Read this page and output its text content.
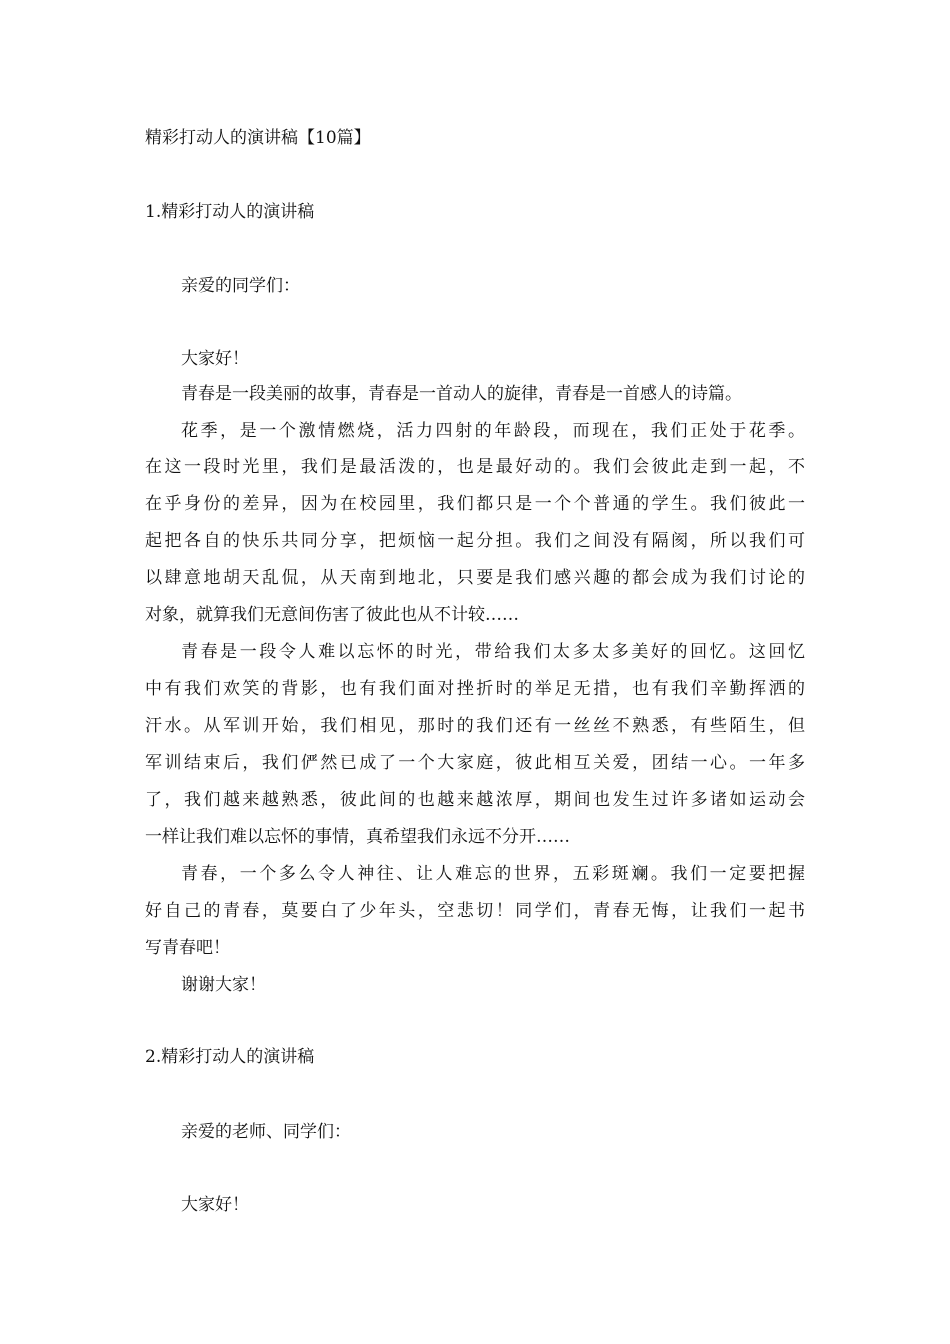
精彩打动人的演讲稿【10篇】
1.精彩打动人的演讲稿
亲爱的同学们：
大家好！
青春是一段美丽的故事，青春是一首动人的旋律，青春是一首感人的诗篇。
花季，是一个激情燃烧，活力四射的年龄段，而现在，我们正处于花季。
在这一段时光里，我们是最活泼的，也是最好动的。我们会彼此走到一起，不
在乎身份的差异，因为在校园里，我们都只是一个个普通的学生。我们彼此一
起把各自的快乐共同分享，把烦恼一起分担。我们之间没有隔阂，所以我们可
以肆意地胡天乱侃，从天南到地北，只要是我们感兴趣的都会成为我们讨论的
对象，就算我们无意间伤害了彼此也从不计较……
青春是一段令人难以忘怀的时光，带给我们太多太多美好的回忆。这回忆
中有我们欢笑的背影，也有我们面对挫折时的举足无措，也有我们辛勤挥洒的
汗水。从军训开始，我们相见，那时的我们还有一丝丝不熟悉，有些陌生，但
军训结束后，我们俨然已成了一个大家庭，彼此相互关爱，团结一心。一年多
了，我们越来越熟悉，彼此间的也越来越浓厚，期间也发生过许多诸如运动会
一样让我们难以忘怀的事情，真希望我们永远不分开……
青春，一个多么令人神往、让人难忘的世界，五彩斑斓。我们一定要把握
好自己的青春，莫要白了少年头，空悲切！同学们，青春无悔，让我们一起书
写青春吧！
谢谢大家！
2.精彩打动人的演讲稿
亲爱的老师、同学们：
大家好！
